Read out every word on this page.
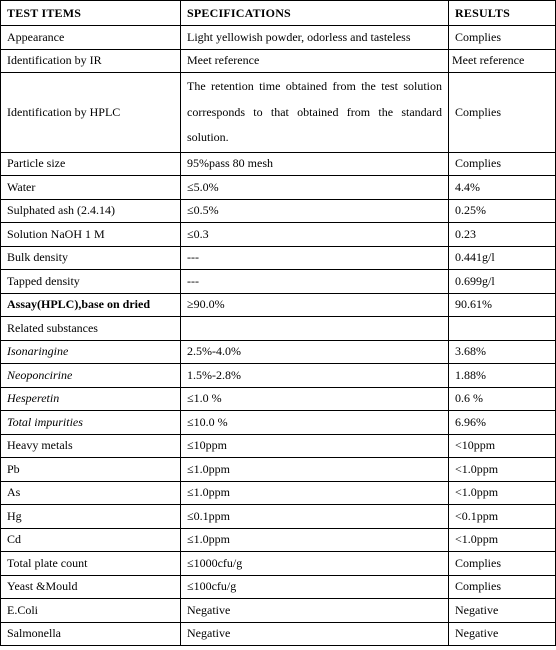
TEST ITEMS	SPECIFICATIONS	RESULTS
Appearance	Light yellowish powder, odorless and tasteless	Complies
Identification by IR	Meet reference	Meet reference
Identification by HPLC	The retention time obtained from the test solution corresponds to that obtained from the standard solution.	Complies
Particle size	95%pass 80 mesh	Complies
Water	≤5.0%	4.4%
Sulphated ash (2.4.14)	≤0.5%	0.25%
Solution NaOH 1 M	≤0.3	0.23
Bulk density	---	0.441g/l
Tapped density	---	0.699g/l
Assay(HPLC),base on dried	≥90.0%	90.61%
Related substances		
Isonaringine	2.5%-4.0%	3.68%
Neoponcirine	1.5%-2.8%	1.88%
Hesperetin	≤1.0 %	0.6 %
Total impurities	≤10.0 %	6.96%
Heavy metals	≤10ppm	<10ppm
Pb	≤1.0ppm	<1.0ppm
As	≤1.0ppm	<1.0ppm
Hg	≤0.1ppm	<0.1ppm
Cd	≤1.0ppm	<1.0ppm
Total plate count	≤1000cfu/g	Complies
Yeast &Mould	≤100cfu/g	Complies
E.Coli	Negative	Negative
Salmonella	Negative	Negative
